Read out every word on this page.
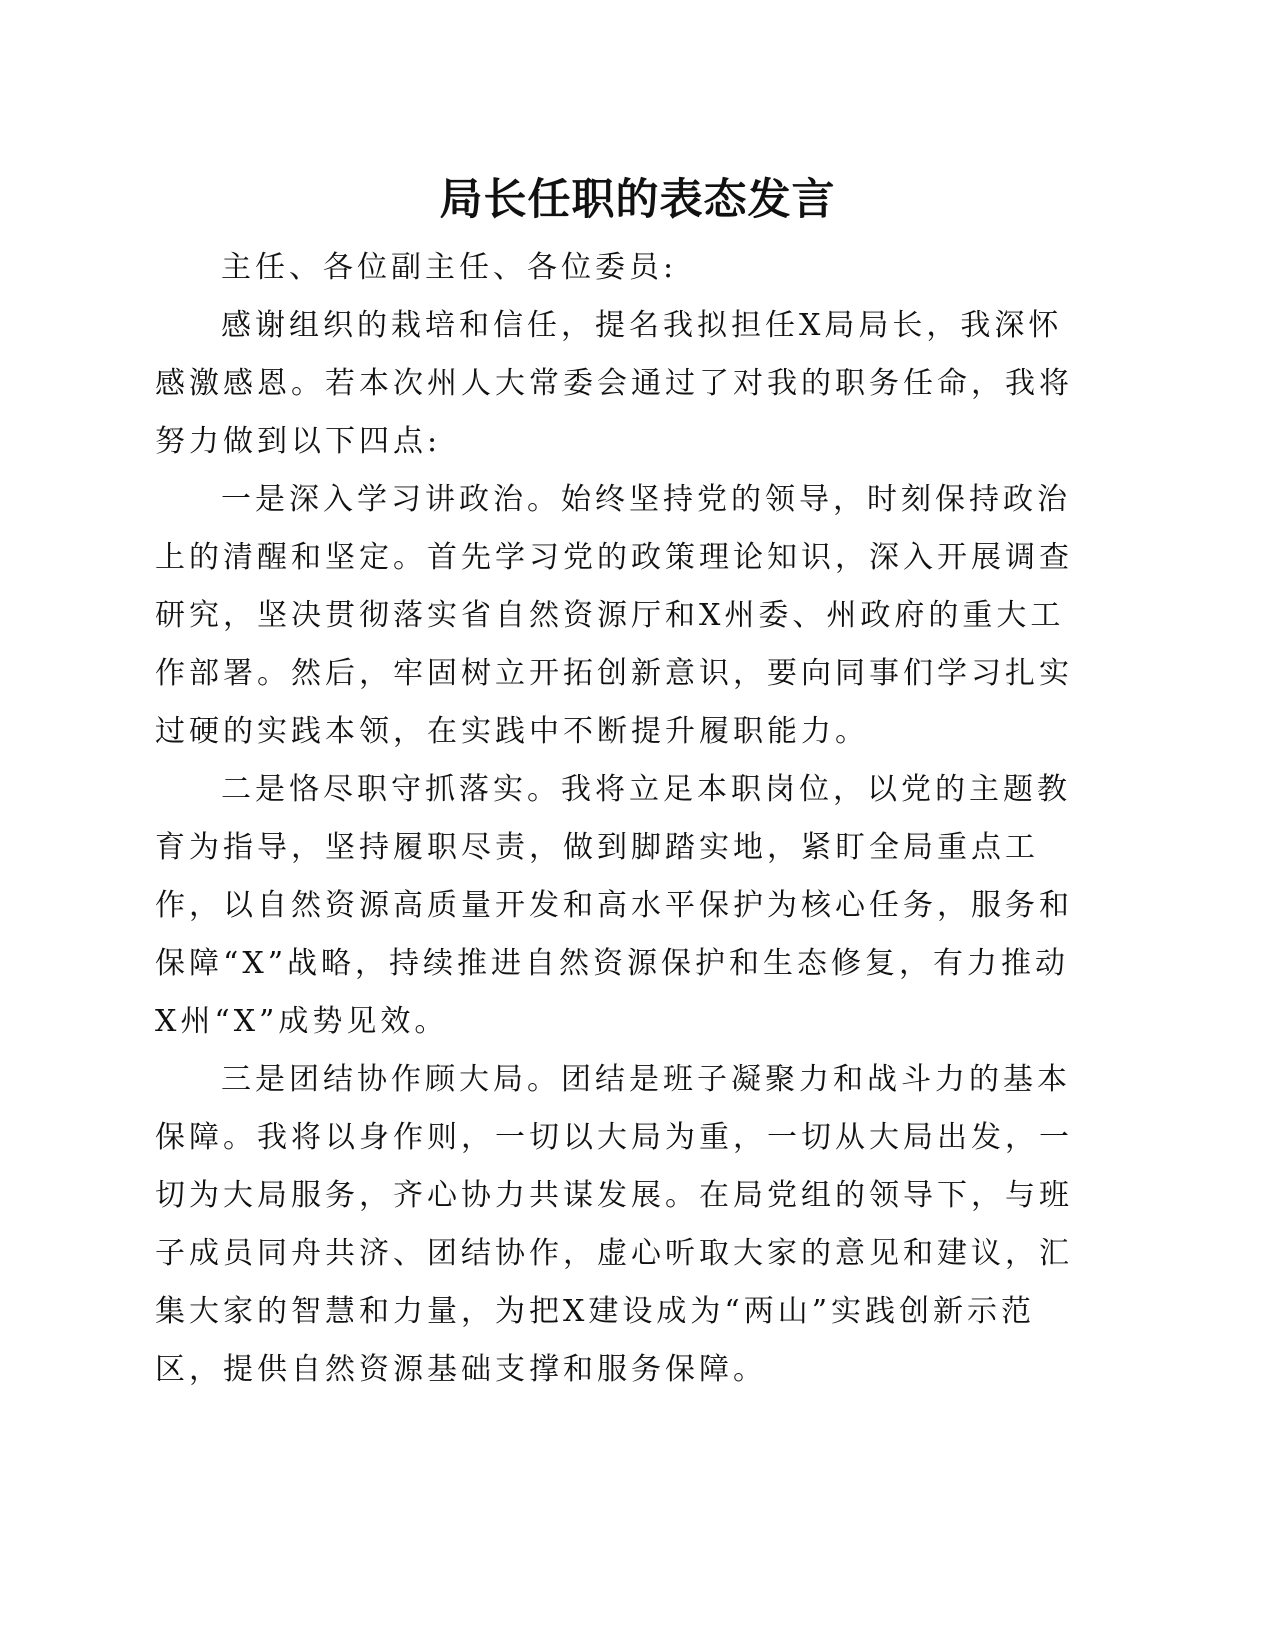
局长任职的表态发言

主任、各位副主任、各位委员:

感谢组织的栽培和信任，提名我拟担任X局局长，我深怀感激感恩。若本次州人大常委会通过了对我的职务任命，我将努力做到以下四点:

一是深入学习讲政治。始终坚持党的领导，时刻保持政治上的清醒和坚定。首先学习党的政策理论知识，深入开展调查研究，坚决贯彻落实省自然资源厅和X州委、州政府的重大工作部署。然后，牢固树立开拓创新意识，要向同事们学习扎实过硬的实践本领，在实践中不断提升履职能力。

二是恪尽职守抓落实。我将立足本职岗位，以党的主题教育为指导，坚持履职尽责，做到脚踏实地，紧盯全局重点工作，以自然资源高质量开发和高水平保护为核心任务，服务和保障“X”战略，持续推进自然资源保护和生态修复，有力推动X州“X”成势见效。

三是团结协作顾大局。团结是班子凝聚力和战斗力的基本保障。我将以身作则，一切以大局为重，一切从大局出发，一切为大局服务，齐心协力共谋发展。在局党组的领导下，与班子成员同舟共济、团结协作，虚心听取大家的意见和建议，汇集大家的智慧和力量，为把X建设成为“两山”实践创新示范区，提供自然资源基础支撑和服务保障。
